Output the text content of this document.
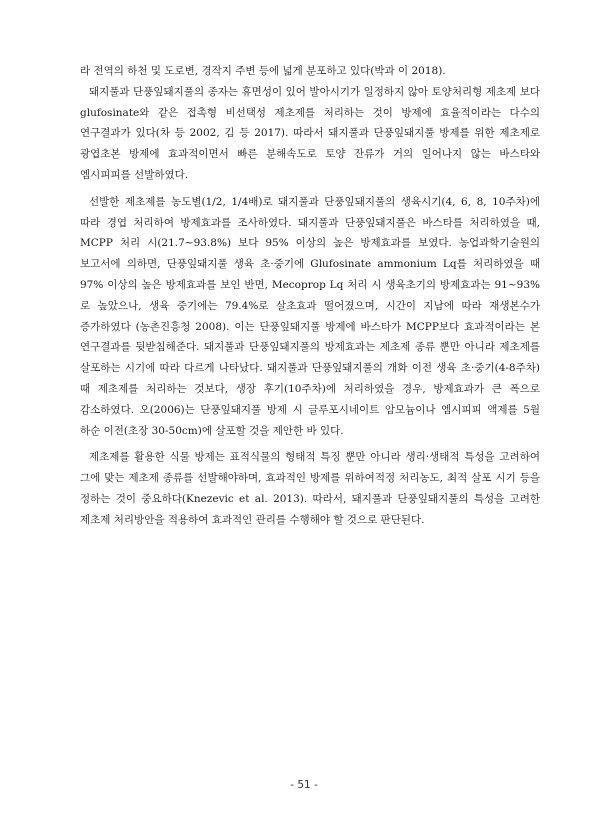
라 전역의 하천 및 도로변, 경작지 주변 등에 넓게 분포하고 있다(박과 이 2018).

돼지풀과 단풍잎돼지풀의 종자는 휴면성이 있어 발아시기가 일정하지 않아 토양처리형 제초제 보다 glufosinate와 같은 접촉형 비선택성 제초제를 처리하는 것이 방제에 효율적이라는 다수의 연구결과가 있다(차 등 2002, 김 등 2017). 따라서 돼지풀과 단풍잎돼지풀 방제를 위한 제초제로 광엽초본 방제에 효과적이면서 빠른 분해속도로 토양 잔류가 거의 일어나지 않는 바스타와 엠시피피를 선발하였다.

선발한 제초제를 농도별(1/2, 1/4배)로 돼지풀과 단풍잎돼지풀의 생육시기(4, 6, 8, 10주차)에 따라 경엽 처리하여 방제효과를 조사하였다. 돼지풀과 단풍잎돼지풀은 바스타를 처리하였을 때, MCPP 처리 시(21.7~93.8%) 보다 95% 이상의 높은 방제효과를 보였다. 농업과학기술원의 보고서에 의하면, 단풍잎돼지풀 생육 초·중기에 Glufosinate ammonium Lq를 처리하였을 때 97% 이상의 높은 방제효과를 보인 반면, Mecoprop Lq 처리 시 생육초기의 방제효과는 91~93%로 높았으나, 생육 중기에는 79.4%로 살초효과 떨어졌으며, 시간이 지남에 따라 재생본수가 증가하였다 (농촌진흥청 2008). 이는 단풍잎돼지풀 방제에 바스타가 MCPP보다 효과적이라는 본 연구결과를 뒷받침해준다. 돼지풀과 단풍잎돼지풀의 방제효과는 제초제 종류 뿐만 아니라 제초제를 살포하는 시기에 따라 다르게 나타났다. 돼지풀과 단풍잎돼지풀의 개화 이전 생육 초·중기(4-8주차)때 제초제를 처리하는 것보다, 생장 후기(10주차)에 처리하였을 경우, 방제효과가 큰 폭으로 감소하였다. 오(2006)는 단풍잎돼지풀 방제 시 글루포시네이트 암모늄이나 엠시피피 액제를 5월 하순 이전(초장 30-50cm)에 살포할 것을 제안한 바 있다.

제초제를 활용한 식물 방제는 표적식물의 형태적 특징 뿐만 아니라 생리·생태적 특성을 고려하여 그에 맞는 제초제 종류를 선발해야하며, 효과적인 방제를 위하여적정 처리농도, 최적 살포 시기 등을 정하는 것이 중요하다(Knezevic et al. 2013). 따라서, 돼지풀과 단풍잎돼지풀의 특성을 고려한 제초제 처리방안을 적용하여 효과적인 관리를 수행해야 할 것으로 판단된다.

- 51 -
